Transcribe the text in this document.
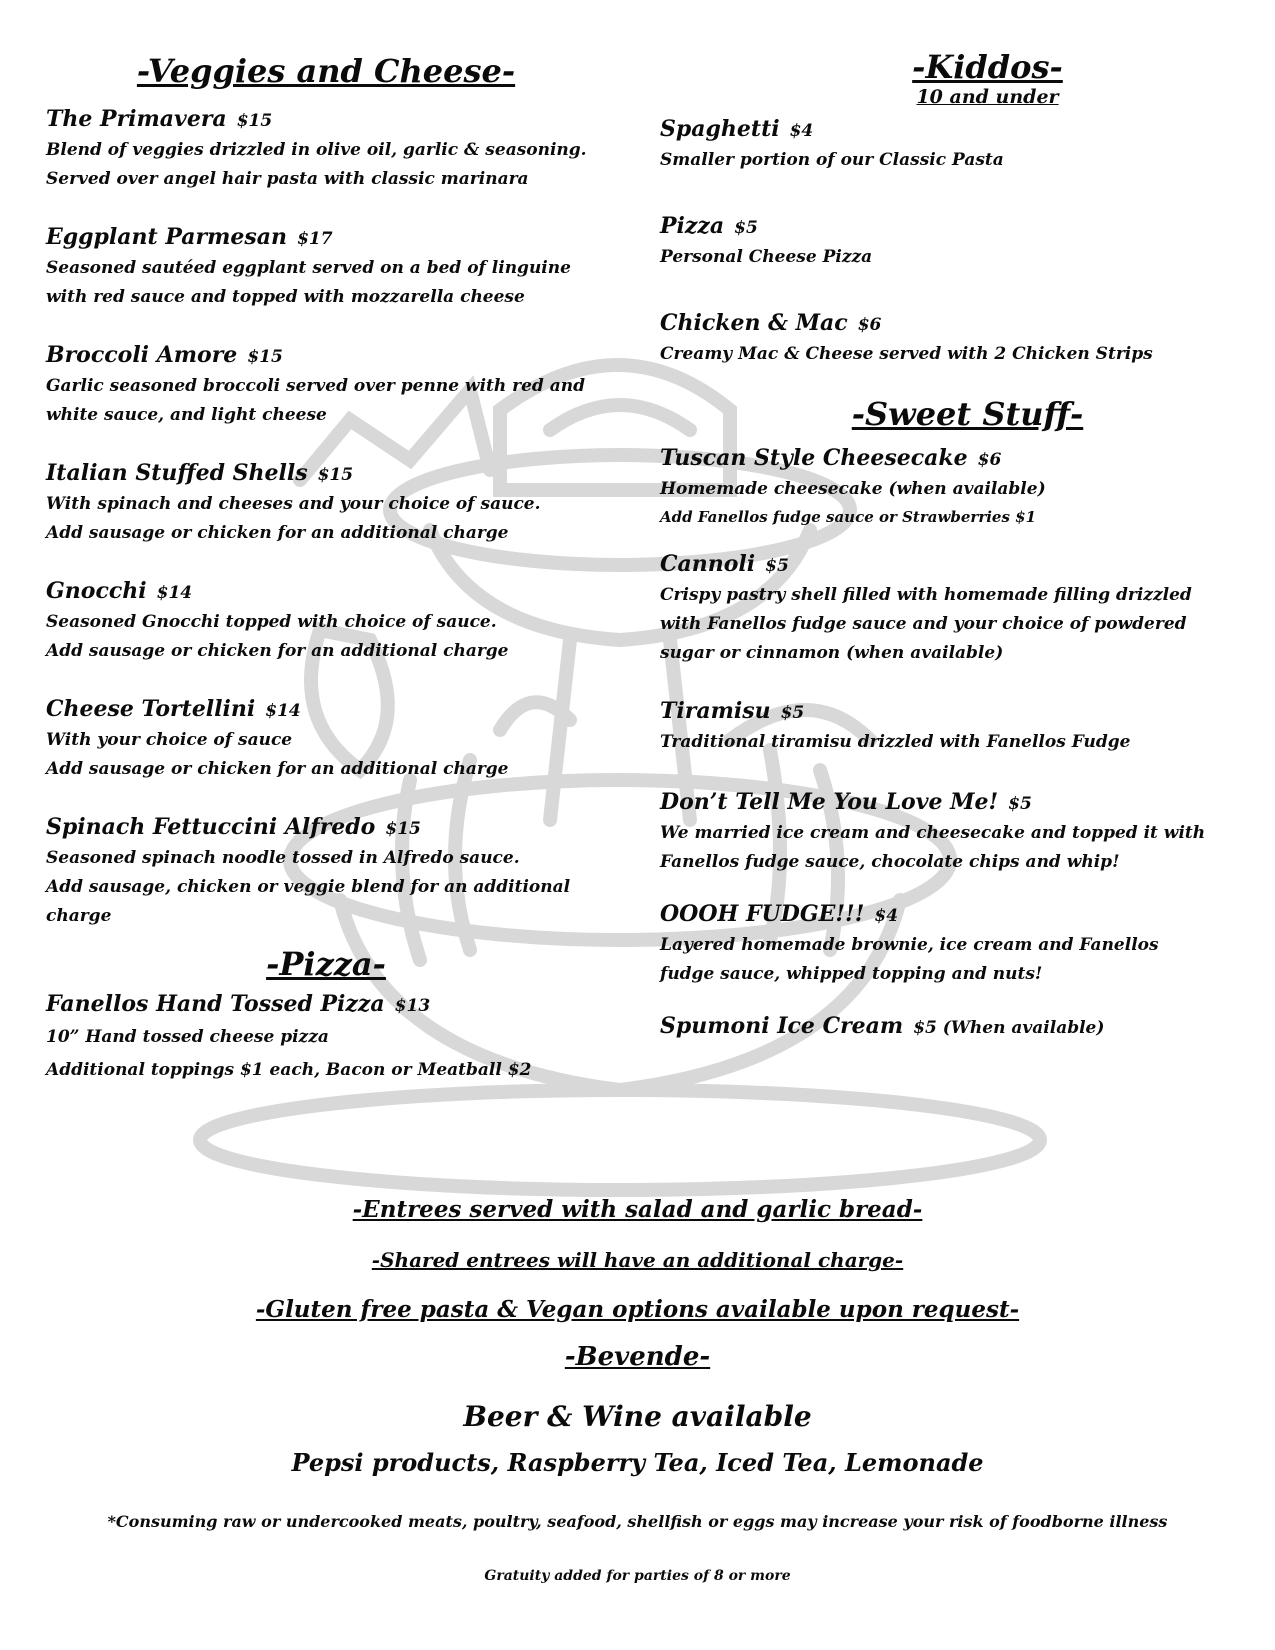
-Veggies and Cheese-
The Primavera $15
Blend of veggies drizzled in olive oil, garlic & seasoning.
Served over angel hair pasta with classic marinara
Eggplant Parmesan $17
Seasoned sautéed eggplant served on a bed of linguine
with red sauce and topped with mozzarella cheese
Broccoli Amore $15
Garlic seasoned broccoli served over penne with red and
white sauce, and light cheese
Italian Stuffed Shells $15
With spinach and cheeses and your choice of sauce.
Add sausage or chicken for an additional charge
Gnocchi $14
Seasoned Gnocchi topped with choice of sauce.
Add sausage or chicken for an additional charge
Cheese Tortellini $14
With your choice of sauce
Add sausage or chicken for an additional charge
Spinach Fettuccini Alfredo $15
Seasoned spinach noodle tossed in Alfredo sauce.
Add sausage, chicken or veggie blend for an additional
charge
-Pizza-
Fanellos Hand Tossed Pizza $13
10” Hand tossed cheese pizza
Additional toppings $1 each, Bacon or Meatball $2
-Kiddos-
10 and under
Spaghetti $4
Smaller portion of our Classic Pasta
Pizza $5
Personal Cheese Pizza
Chicken & Mac $6
Creamy Mac & Cheese served with 2 Chicken Strips
-Sweet Stuff-
Tuscan Style Cheesecake $6
Homemade cheesecake (when available)
Add Fanellos fudge sauce or Strawberries $1
Cannoli $5
Crispy pastry shell filled with homemade filling drizzled
with Fanellos fudge sauce and your choice of powdered
sugar or cinnamon (when available)
Tiramisu $5
Traditional tiramisu drizzled with Fanellos Fudge
Don’t Tell Me You Love Me! $5
We married ice cream and cheesecake and topped it with
Fanellos fudge sauce, chocolate chips and whip!
OOOH FUDGE!!! $4
Layered homemade brownie, ice cream and Fanellos
fudge sauce, whipped topping and nuts!
Spumoni Ice Cream $5 (When available)
-Entrees served with salad and garlic bread-
-Shared entrees will have an additional charge-
-Gluten free pasta & Vegan options available upon request-
-Bevende-
Beer & Wine available
Pepsi products, Raspberry Tea, Iced Tea, Lemonade
*Consuming raw or undercooked meats, poultry, seafood, shellfish or eggs may increase your risk of foodborne illness
Gratuity added for parties of 8 or more
